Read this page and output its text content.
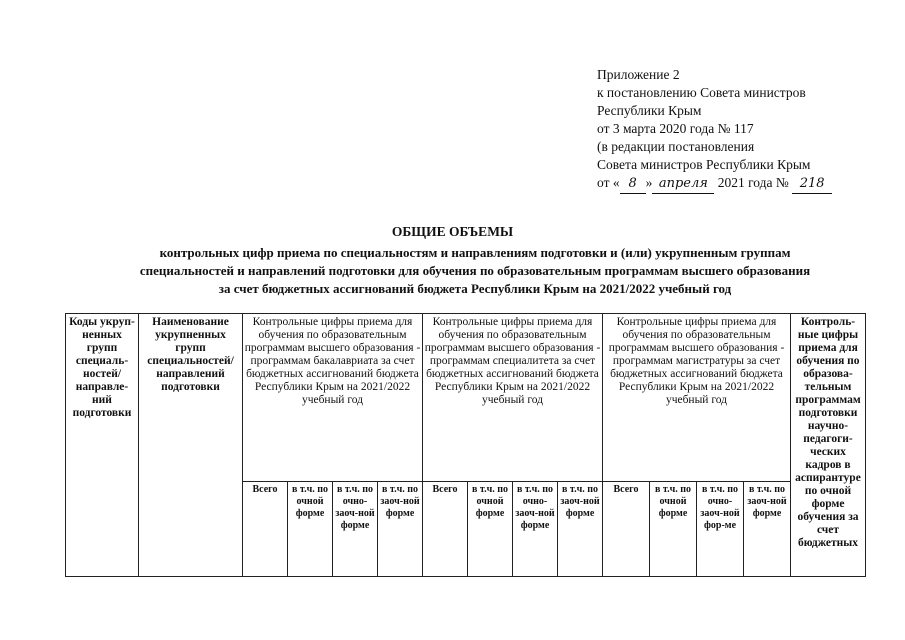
Приложение 2
к постановлению Совета министров
Республики Крым
от 3 марта 2020 года № 117
(в редакции постановления
Совета министров Республики Крым
от « 8 » апреля 2021 года № 218
ОБЩИЕ ОБЪЕМЫ
контрольных цифр приема по специальностям и направлениям подготовки и (или) укрупненным группам
специальностей и направлений подготовки для обучения по образовательным программам высшего образования
за счет бюджетных ассигнований бюджета Республики Крым на 2021/2022 учебный год
Коды укруп-ненных групп специаль-ностей/ направле-ний подготовки	Наименование укрупненных групп специальностей/ направлений подготовки	Контрольные цифры приема для обучения по образовательным программам высшего образования - программам бакалавриата за счет бюджетных ассигнований бюджета Республики Крым на 2021/2022 учебный год				Контрольные цифры приема для обучения по образовательным программам высшего образования - программам специалитета за счет бюджетных ассигнований бюджета Республики Крым на 2021/2022 учебный год				Контрольные цифры приема для обучения по образовательным программам высшего образования - программам магистратуры за счет бюджетных ассигнований бюджета Республики Крым на 2021/2022 учебный год				Контроль-ные цифры приема для обучения по образова-тельным программам подготовки научно-педагоги-ческих кадров в аспирантуре по очной форме обучения за счет бюджетных
		Всего	в т.ч. по очной форме	в т.ч. по очно-заоч-ной форме	в т.ч. по заоч-ной форме	Всего	в т.ч. по очной форме	в т.ч. по очно-заоч-ной форме	в т.ч. по заоч-ной форме	Всего	в т.ч. по очной форме	в т.ч. по очно-заоч-ной фор-ме	в т.ч. по заоч-ной форме	
